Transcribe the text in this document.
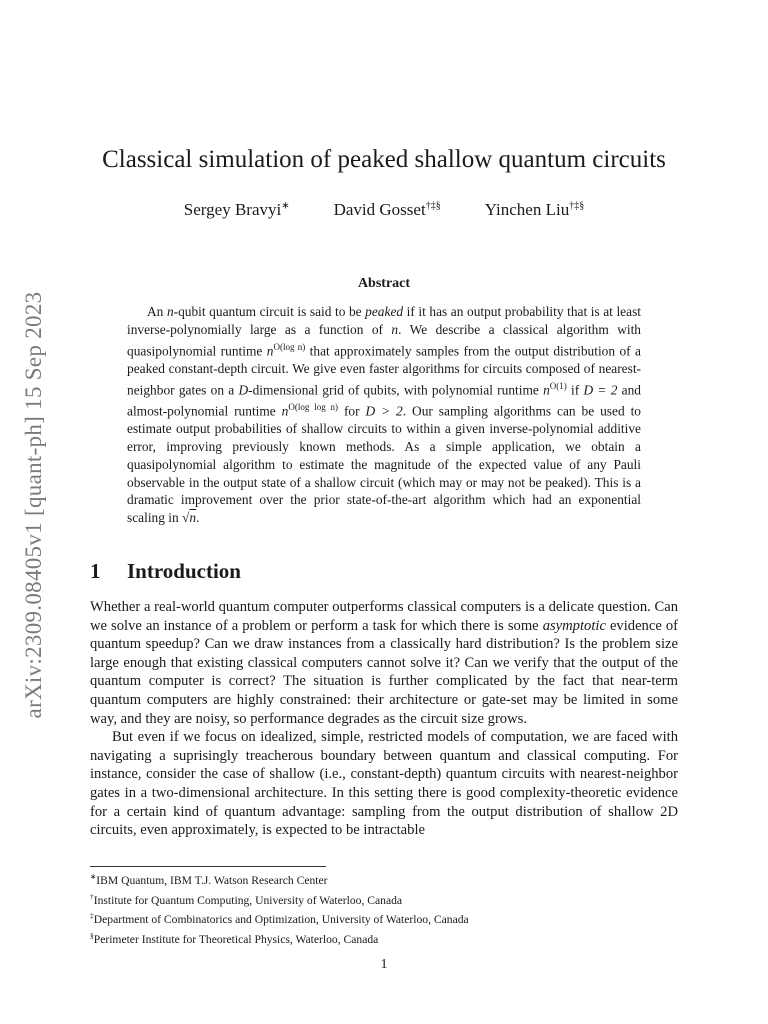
arXiv:2309.08405v1 [quant-ph] 15 Sep 2023
Classical simulation of peaked shallow quantum circuits
Sergey Bravyi∗	David Gosset†‡§	Yinchen Liu†‡§
Abstract

An n-qubit quantum circuit is said to be peaked if it has an output probability that is at least inverse-polynomially large as a function of n. We describe a classical algorithm with quasipolynomial runtime $n^{O(log n)}$ that approximately samples from the output distribution of a peaked constant-depth circuit. We give even faster algorithms for circuits composed of nearest-neighbor gates on a D-dimensional grid of qubits, with polynomial runtime $n^{O(1)}$ if D = 2 and almost-polynomial runtime $n^{O(log log n)}$ for D > 2. Our sampling algorithms can be used to estimate output probabilities of shallow circuits to within a given inverse-polynomial additive error, improving previously known methods. As a simple application, we obtain a quasipolynomial algorithm to estimate the magnitude of the expected value of any Pauli observable in the output state of a shallow circuit (which may or may not be peaked). This is a dramatic improvement over the prior state-of-the-art algorithm which had an exponential scaling in √n.

1 Introduction

Whether a real-world quantum computer outperforms classical computers is a delicate question. Can we solve an instance of a problem or perform a task for which there is some asymptotic evidence of quantum speedup? Can we draw instances from a classically hard distribution? Is the problem size large enough that existing classical computers cannot solve it? Can we verify that the output of the quantum computer is correct? The situation is further complicated by the fact that near-term quantum computers are highly constrained: their architecture or gate-set may be limited in some way, and they are noisy, so performance degrades as the circuit size grows.

But even if we focus on idealized, simple, restricted models of computation, we are faced with navigating a suprisingly treacherous boundary between quantum and classical computing. For instance, consider the case of shallow (i.e., constant-depth) quantum circuits with nearest-neighbor gates in a two-dimensional architecture. In this setting there is good complexity-theoretic evidence for a certain kind of quantum advantage: sampling from the output distribution of shallow 2D circuits, even approximately, is expected to be intractable

∗IBM Quantum, IBM T.J. Watson Research Center
†Institute for Quantum Computing, University of Waterloo, Canada
‡Department of Combinatorics and Optimization, University of Waterloo, Canada
§Perimeter Institute for Theoretical Physics, Waterloo, Canada
1
